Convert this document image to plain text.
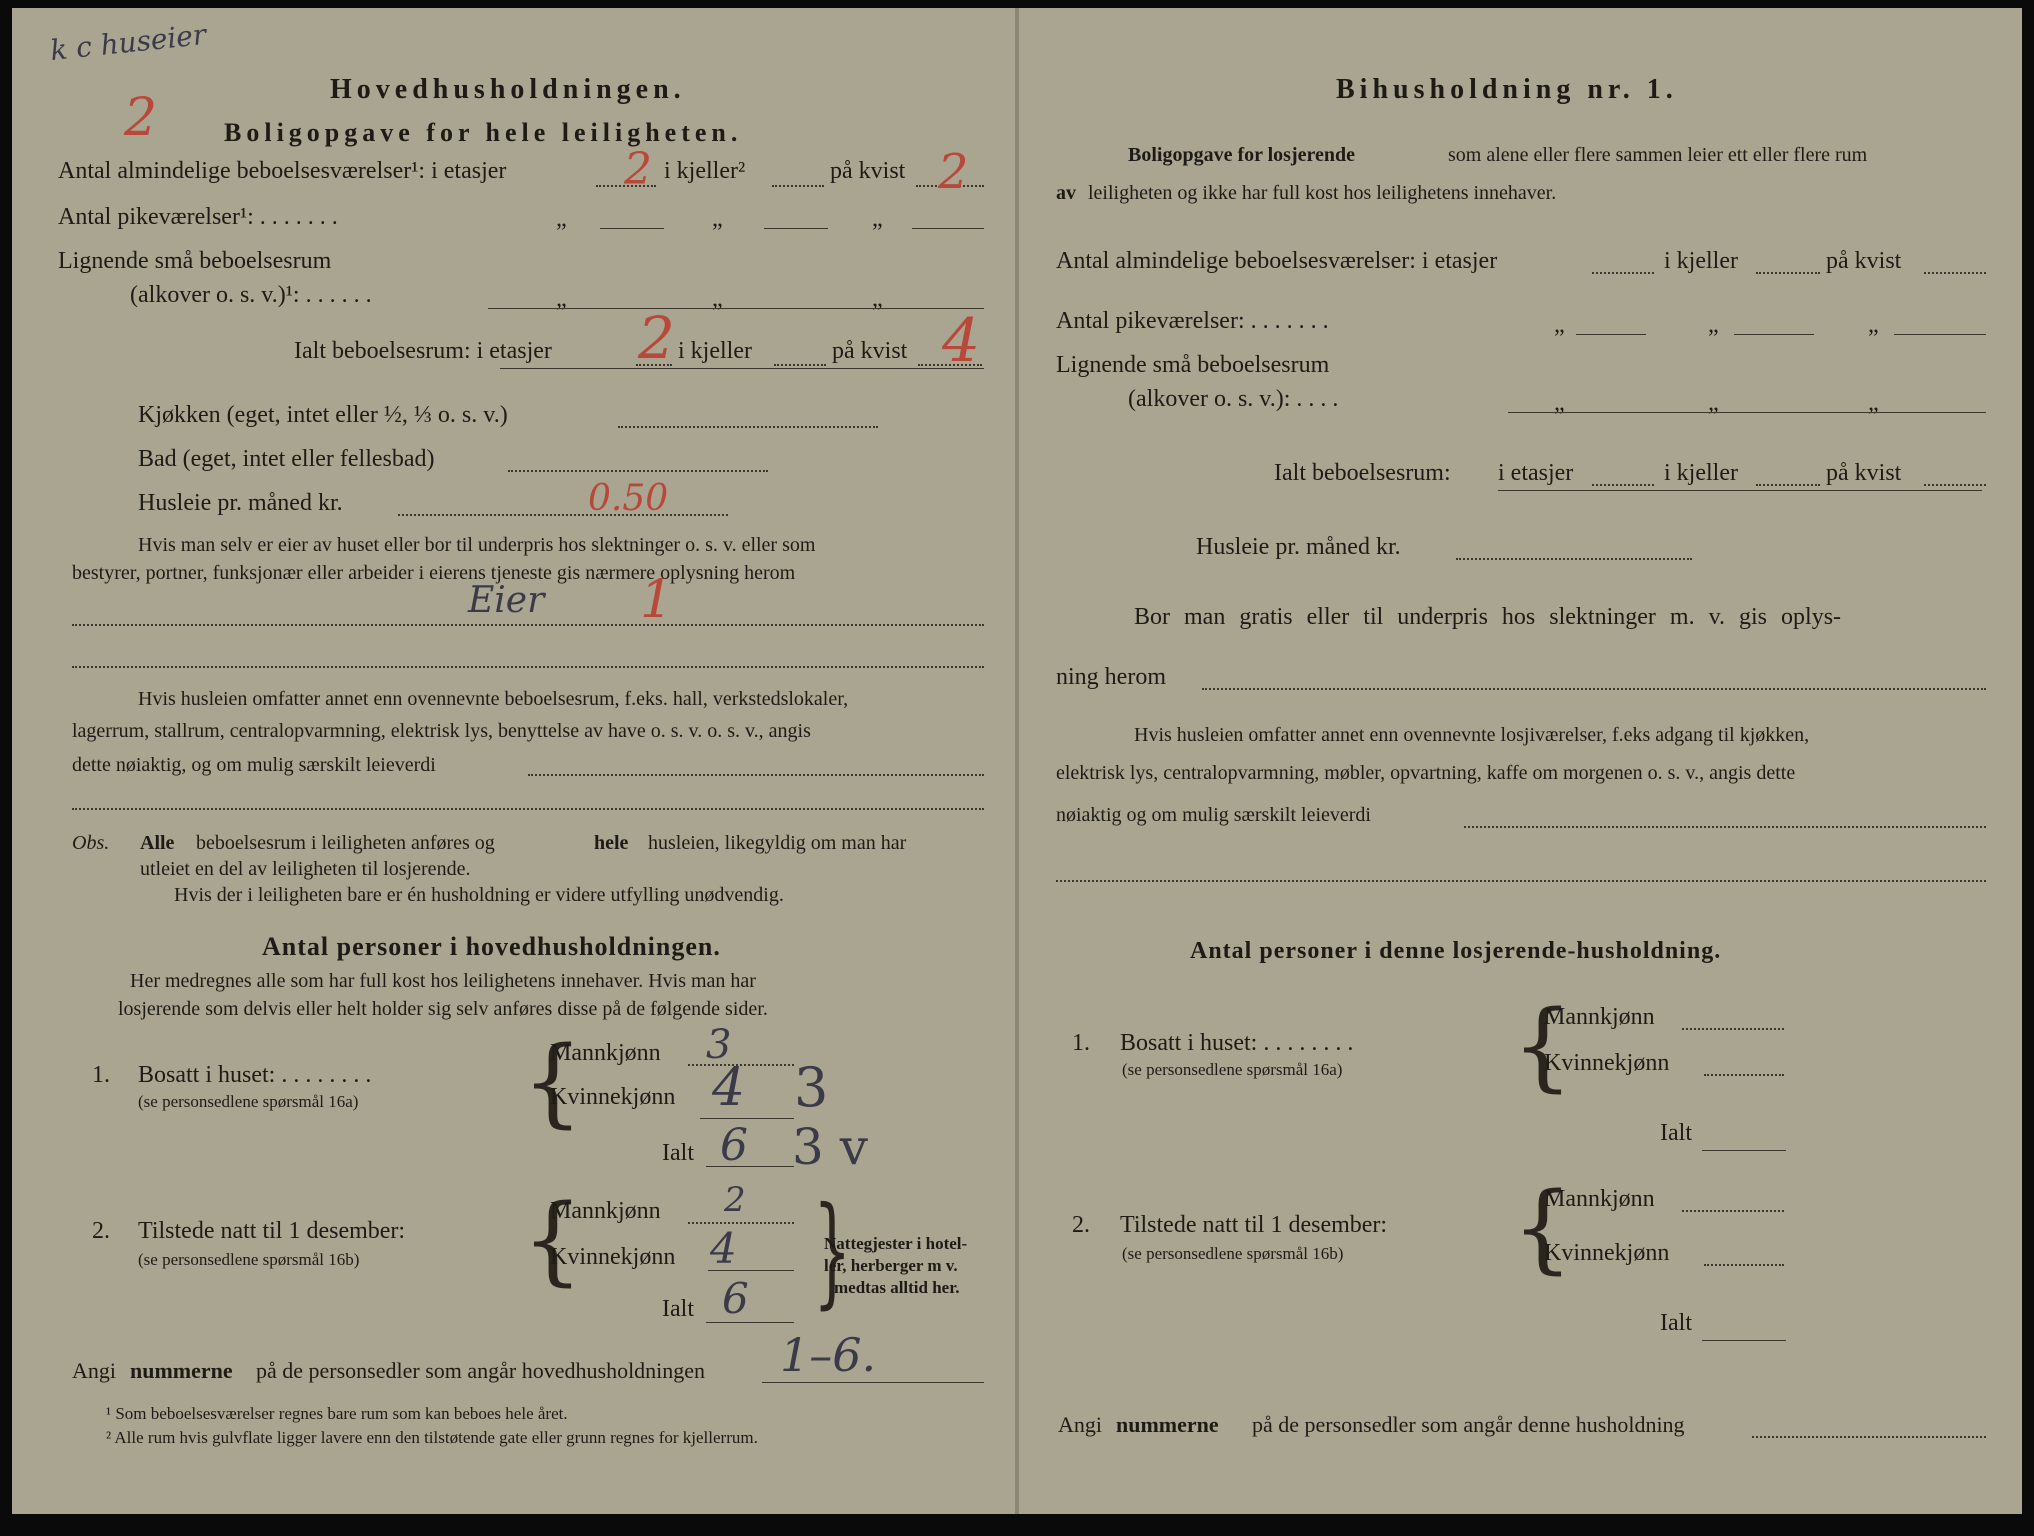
k c huseier
2	Hovedhusholdningen.
Boligopgave for hele leiligheten.
Antal almindelige beboelsesværelser¹: i etasjer	2 i kjeller²	på kvist 2
Antal pikeværelser¹: . . . . . . .	„	„	„
Lignende små beboelsesrum
(alkover o. s. v.)¹: . . . . . .	„	„	„
Ialt beboelsesrum: i etasjer 2 i kjeller	på kvist 4
Kjøkken (eget, intet eller ½, ⅓ o. s. v.)
Bad (eget, intet eller fellesbad)
Husleie pr. måned kr.	0.50
Hvis man selv er eier av huset eller bor til underpris hos slektninger o. s. v. eller som
bestyrer, portner, funksjonær eller arbeider i eierens tjeneste gis nærmere oplysning herom
Eier 1
Hvis husleien omfatter annet enn ovennevnte beboelsesrum, f.eks. hall, verkstedslokaler,
lagerrum, stallrum, centralopvarmning, elektrisk lys, benyttelse av have o. s. v. o. s. v., angis
dette nøiaktig, og om mulig særskilt leieverdi
Obs. Alle beboelsesrum i leiligheten anføres og	hele husleien, likegyldig om man har
utleiet en del av leiligheten til losjerende.
Hvis der i leiligheten bare er én husholdning er videre utfylling unødvendig.
Antal personer i hovedhusholdningen.
Her medregnes alle som har full kost hos leilighetens innehaver. Hvis man har
losjerende som delvis eller helt holder sig selv anføres disse på de følgende sider.
1. Bosatt i huset: . . . . . . . .
(se personsedlene spørsmål 16a) {
Mannkjønn 3
Kvinnekjønn 4 3
Ialt 6 3 v
2. Tilstede natt til 1 desember:
(se personsedlene spørsmål 16b) {
Mannkjønn 2
Kvinnekjønn 4
Ialt 6 }
Nattegjester i hotel-
ler, herberger m v.
medtas alltid her.
Angi nummerne på de personsedler som angår hovedhusholdningen 1–6.
¹ Som beboelsesværelser regnes bare rum som kan beboes hele året.
² Alle rum hvis gulvflate ligger lavere enn den tilstøtende gate eller grunn regnes for kjellerrum.
Bihusholdning nr. 1.
Boligopgave for losjerende	som alene eller flere sammen leier ett eller flere rum
av leiligheten og ikke har full kost hos leilighetens innehaver.
Antal almindelige beboelsesværelser: i etasjer	i kjeller	på kvist
Antal pikeværelser: . . . . . . .	„	„	„
Lignende små beboelsesrum
(alkover o. s. v.): . . . .	„	„	„
Ialt beboelsesrum: i etasjer	i kjeller	på kvist
Husleie pr. måned kr.
Bor man gratis eller til underpris hos slektninger m. v. gis oplys-
ning herom
Hvis husleien omfatter annet enn ovennevnte losjiværelser, f.eks adgang til kjøkken,
elektrisk lys, centralopvarmning, møbler, opvartning, kaffe om morgenen o. s. v., angis dette
nøiaktig og om mulig særskilt leieverdi
Antal personer i denne losjerende-husholdning.
1. Bosatt i huset: . . . . . . . .
(se personsedlene spørsmål 16a) {
Mannkjønn
Kvinnekjønn
Ialt
2. Tilstede natt til 1 desember:
(se personsedlene spørsmål 16b) {
Mannkjønn
Kvinnekjønn
Ialt
Angi nummerne på de personsedler som angår denne husholdning
